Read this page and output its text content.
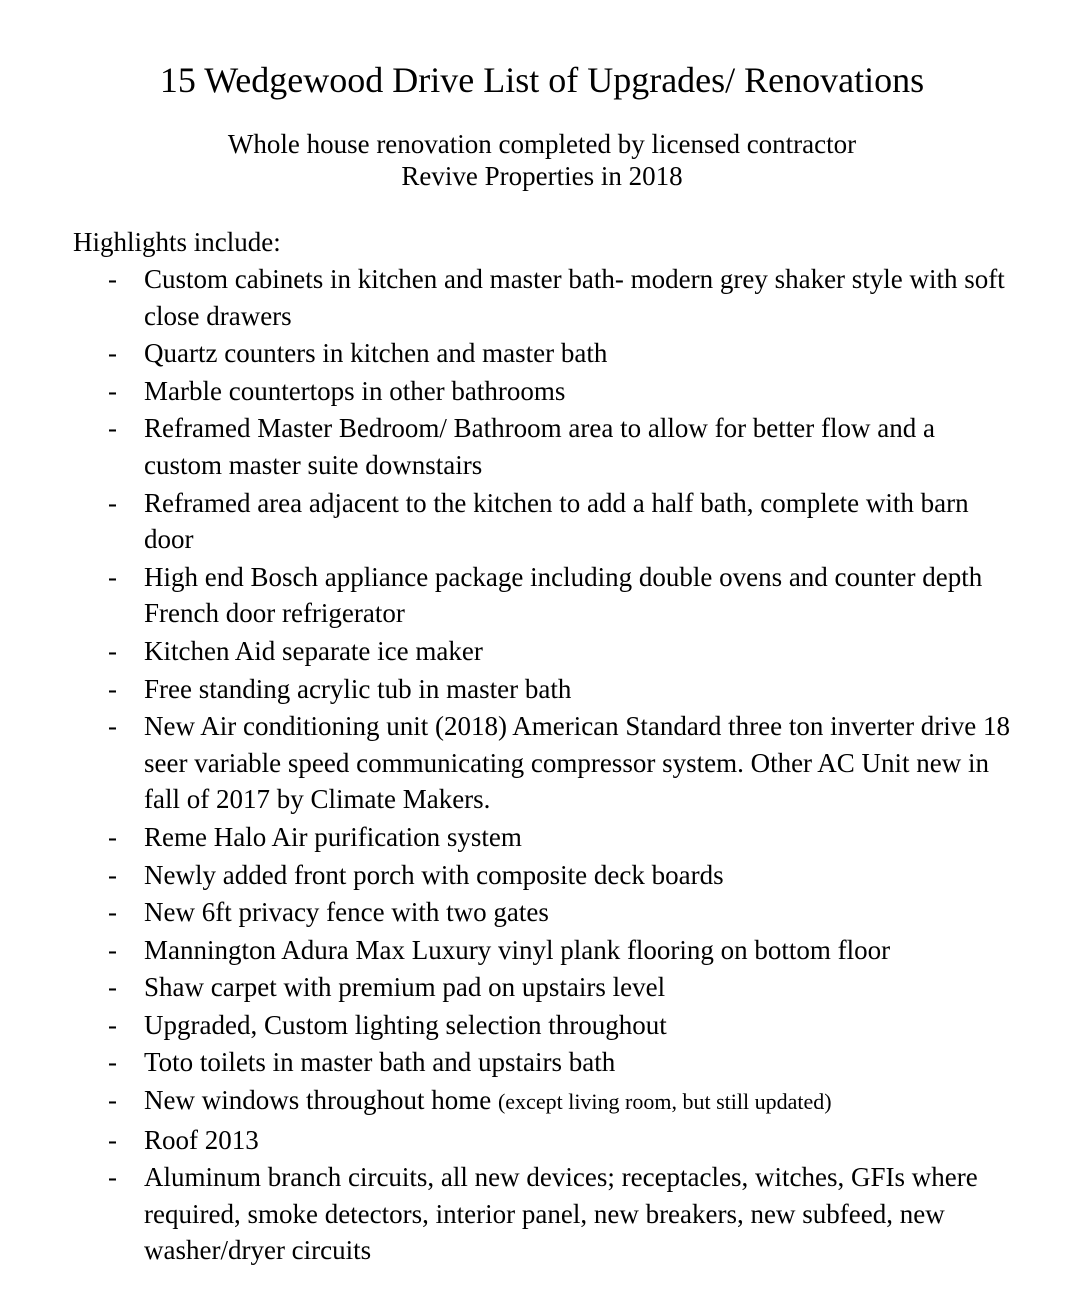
15 Wedgewood Drive List of Upgrades/ Renovations
Whole house renovation completed by licensed contractor
Revive Properties in 2018
Highlights include:
- Custom cabinets in kitchen and master bath- modern grey shaker style with soft close drawers
- Quartz counters in kitchen and master bath
- Marble countertops in other bathrooms
- Reframed Master Bedroom/ Bathroom area to allow for better flow and a custom master suite downstairs
- Reframed area adjacent to the kitchen to add a half bath, complete with barn door
- High end Bosch appliance package including double ovens and counter depth French door refrigerator
- Kitchen Aid separate ice maker
- Free standing acrylic tub in master bath
- New Air conditioning unit (2018) American Standard three ton inverter drive 18 seer variable speed communicating compressor system. Other AC Unit new in fall of 2017 by Climate Makers.
- Reme Halo Air purification system
- Newly added front porch with composite deck boards
- New 6ft privacy fence with two gates
- Mannington Adura Max Luxury vinyl plank flooring on bottom floor
- Shaw carpet with premium pad on upstairs level
- Upgraded, Custom lighting selection throughout
- Toto toilets in master bath and upstairs bath
- New windows throughout home (except living room, but still updated)
- Roof 2013
- Aluminum branch circuits, all new devices; receptacles, witches, GFIs where required, smoke detectors, interior panel, new breakers, new subfeed, new washer/dryer circuits
